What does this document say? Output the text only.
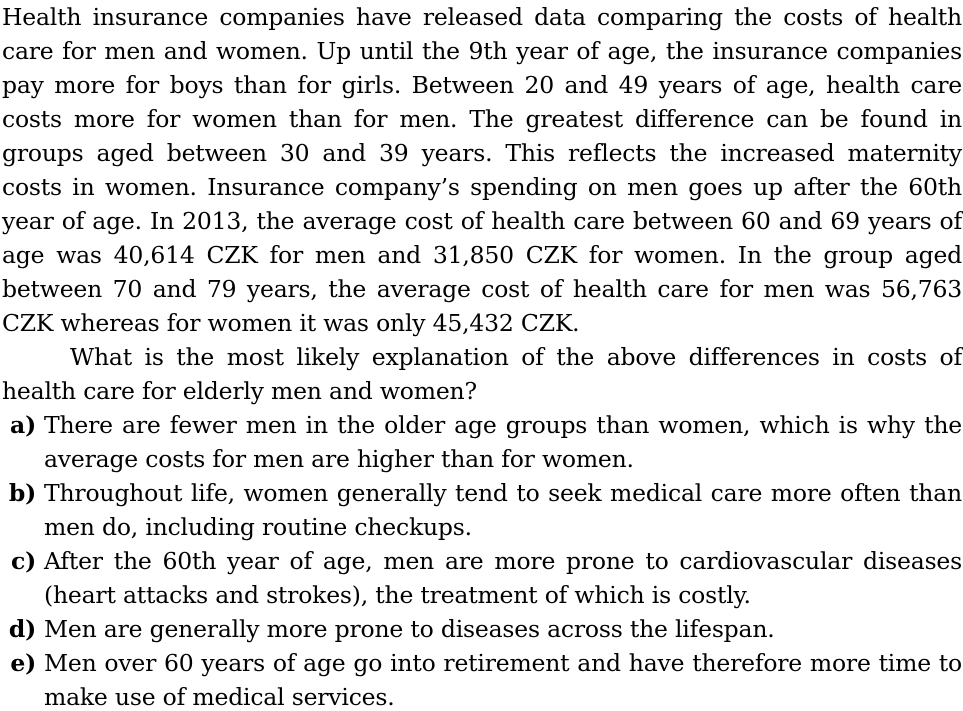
Health insurance companies have released data comparing the costs of health care for men and women. Up until the 9th year of age, the insurance companies pay more for boys than for girls. Between 20 and 49 years of age, health care costs more for women than for men. The greatest difference can be found in groups aged between 30 and 39 years. This reflects the increased maternity costs in women. Insurance company’s spending on men goes up after the 60th year of age. In 2013, the average cost of health care between 60 and 69 years of age was 40,614 CZK for men and 31,850 CZK for women. In the group aged between 70 and 79 years, the average cost of health care for men was 56,763 CZK whereas for women it was only 45,432 CZK.

What is the most likely explanation of the above differences in costs of health care for elderly men and women?

a) There are fewer men in the older age groups than women, which is why the average costs for men are higher than for women.
b) Throughout life, women generally tend to seek medical care more often than men do, including routine checkups.
c) After the 60th year of age, men are more prone to cardiovascular diseases (heart attacks and strokes), the treatment of which is costly.
d) Men are generally more prone to diseases across the lifespan.
e) Men over 60 years of age go into retirement and have therefore more time to make use of medical services.
